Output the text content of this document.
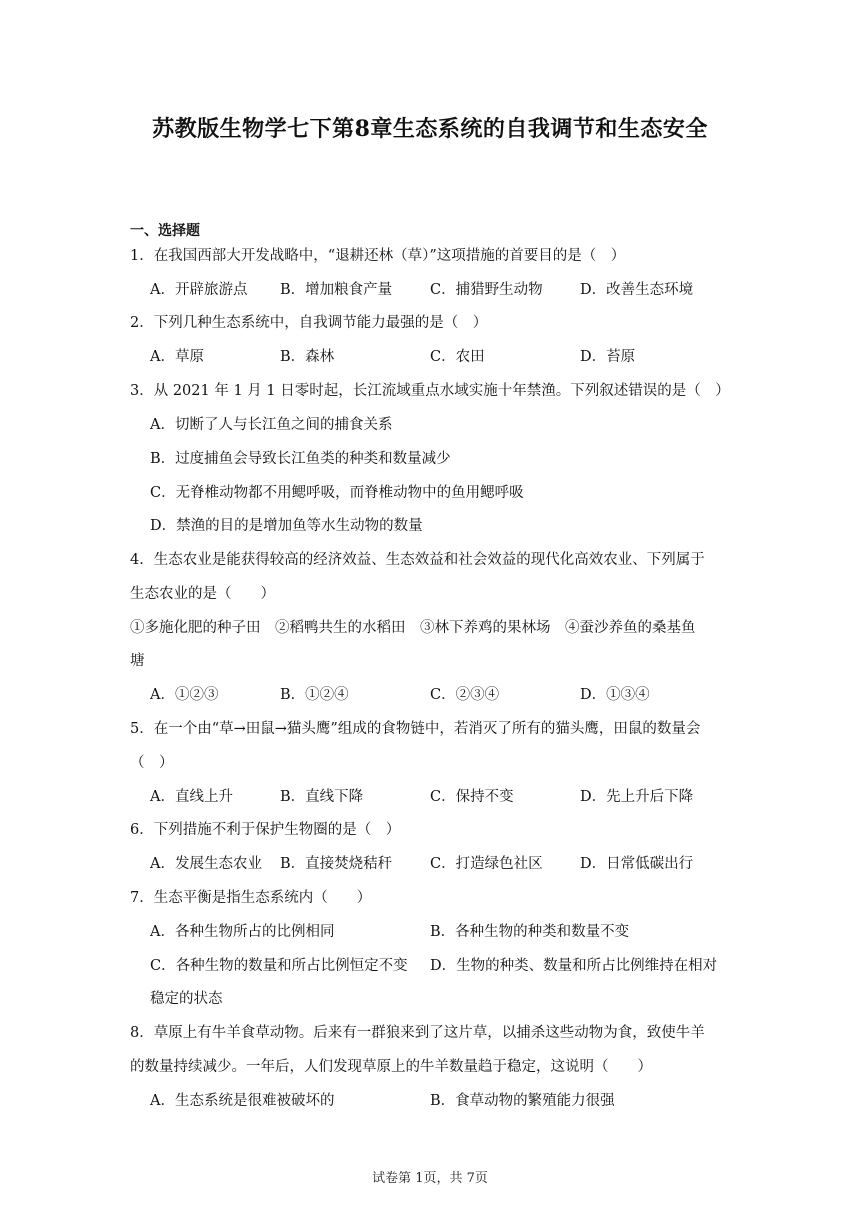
苏教版生物学七下第8章生态系统的自我调节和生态安全
一、选择题
1．在我国西部大开发战略中，“退耕还林（草）”这项措施的首要目的是（　）
A．开辟旅游点 B．增加粮食产量	C．捕猎野生动物	D．改善生态环境
2．下列几种生态系统中，自我调节能力最强的是（　）
A．草原	B．森林	C．农田	D．苔原
3．从 2021 年 1 月 1 日零时起，长江流域重点水域实施十年禁渔。下列叙述错误的是（　）
A．切断了人与长江鱼之间的捕食关系
B．过度捕鱼会导致长江鱼类的种类和数量减少
C．无脊椎动物都不用鳃呼吸，而脊椎动物中的鱼用鳃呼吸
D．禁渔的目的是增加鱼等水生动物的数量
4．生态农业是能获得较高的经济效益、生态效益和社会效益的现代化高效农业、下列属于
生态农业的是（　　）
①多施化肥的种子田　②稻鸭共生的水稻田　③林下养鸡的果林场　④蚕沙养鱼的桑基鱼
塘
A．①②③	B．①②④	C．②③④	D．①③④
5．在一个由“草→田鼠→猫头鹰”组成的食物链中，若消灭了所有的猫头鹰，田鼠的数量会
（　）
A．直线上升	B．直线下降	C．保持不变	D．先上升后下降
6．下列措施不利于保护生物圈的是（　）
A．发展生态农业 B．直接焚烧秸秆	C．打造绿色社区	D．日常低碳出行
7．生态平衡是指生态系统内（　　）
A．各种生物所占的比例相同	B．各种生物的种类和数量不变
C．各种生物的数量和所占比例恒定不变 D．生物的种类、数量和所占比例维持在相对
稳定的状态
8．草原上有牛羊食草动物。后来有一群狼来到了这片草，以捕杀这些动物为食，致使牛羊
的数量持续减少。一年后，人们发现草原上的牛羊数量趋于稳定，这说明（　　）
A．生态系统是很难被破坏的	B．食草动物的繁殖能力很强
试卷第 1页，共 7页
